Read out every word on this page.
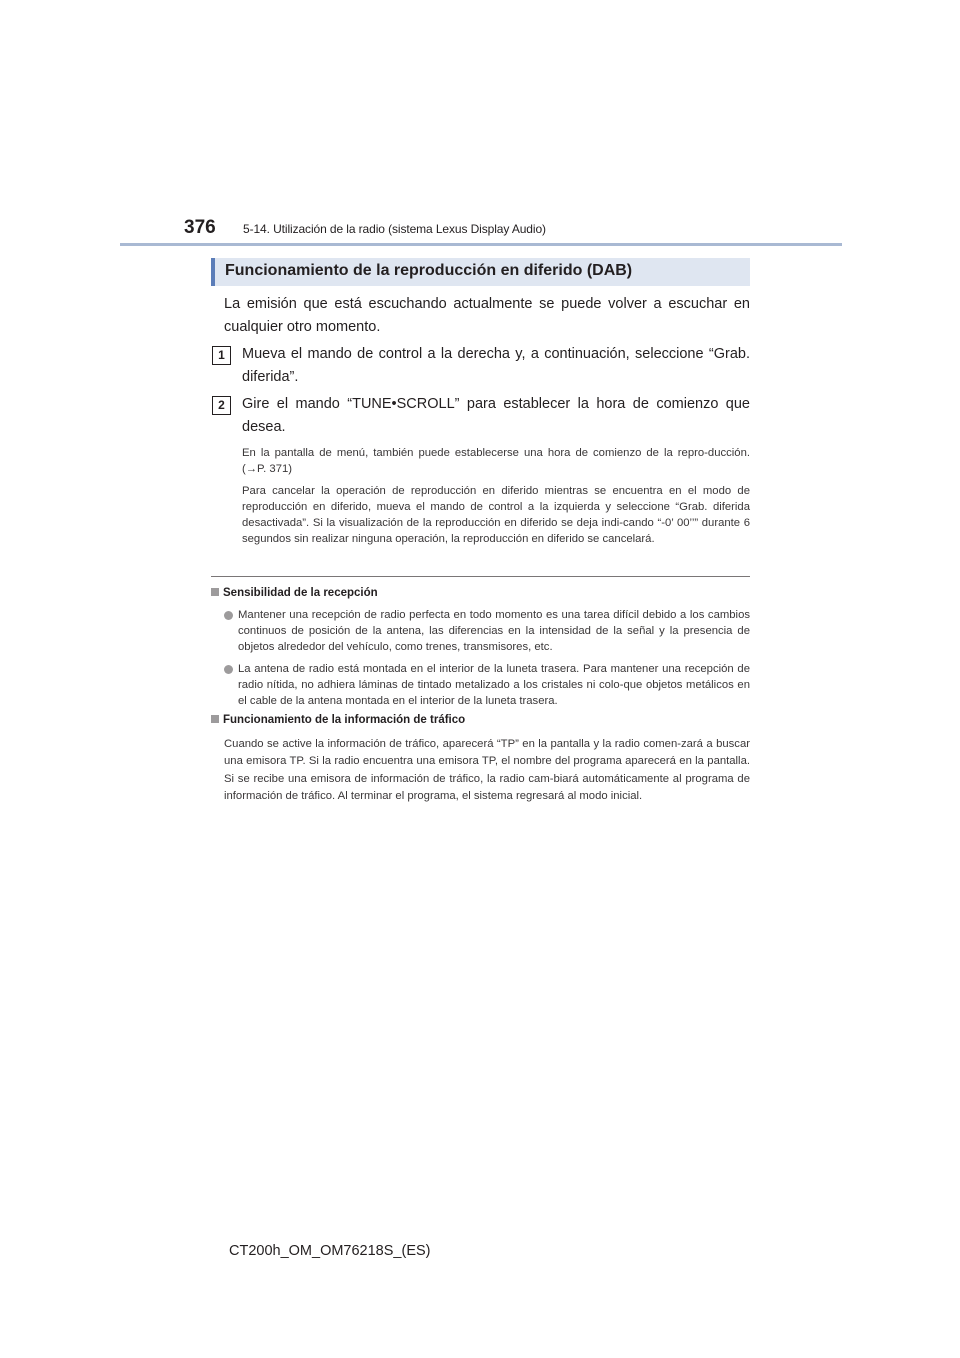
376 5-14. Utilización de la radio (sistema Lexus Display Audio)
Funcionamiento de la reproducción en diferido (DAB)
La emisión que está escuchando actualmente se puede volver a escuchar en cualquier otro momento.
1	Mueva el mando de control a la derecha y, a continuación, seleccione “Grab. diferida”.
2	Gire el mando “TUNE•SCROLL” para establecer la hora de comienzo que desea.
En la pantalla de menú, también puede establecerse una hora de comienzo de la repro-ducción. (→P. 371)
Para cancelar la operación de reproducción en diferido mientras se encuentra en el modo de reproducción en diferido, mueva el mando de control a la izquierda y seleccione “Grab. diferida desactivada”. Si la visualización de la reproducción en diferido se deja indi-cando “-0’ 00’’” durante 6 segundos sin realizar ninguna operación, la reproducción en diferido se cancelará.
Sensibilidad de la recepción
Mantener una recepción de radio perfecta en todo momento es una tarea difícil debido a los cambios continuos de posición de la antena, las diferencias en la intensidad de la señal y la presencia de objetos alrededor del vehículo, como trenes, transmisores, etc.
La antena de radio está montada en el interior de la luneta trasera. Para mantener una recepción de radio nítida, no adhiera láminas de tintado metalizado a los cristales ni colo-que objetos metálicos en el cable de la antena montada en el interior de la luneta trasera.
Funcionamiento de la información de tráfico
Cuando se active la información de tráfico, aparecerá “TP” en la pantalla y la radio comen-zará a buscar una emisora TP. Si la radio encuentra una emisora TP, el nombre del programa aparecerá en la pantalla. Si se recibe una emisora de información de tráfico, la radio cam-biará automáticamente al programa de información de tráfico. Al terminar el programa, el sistema regresará al modo inicial.
CT200h_OM_OM76218S_(ES)
